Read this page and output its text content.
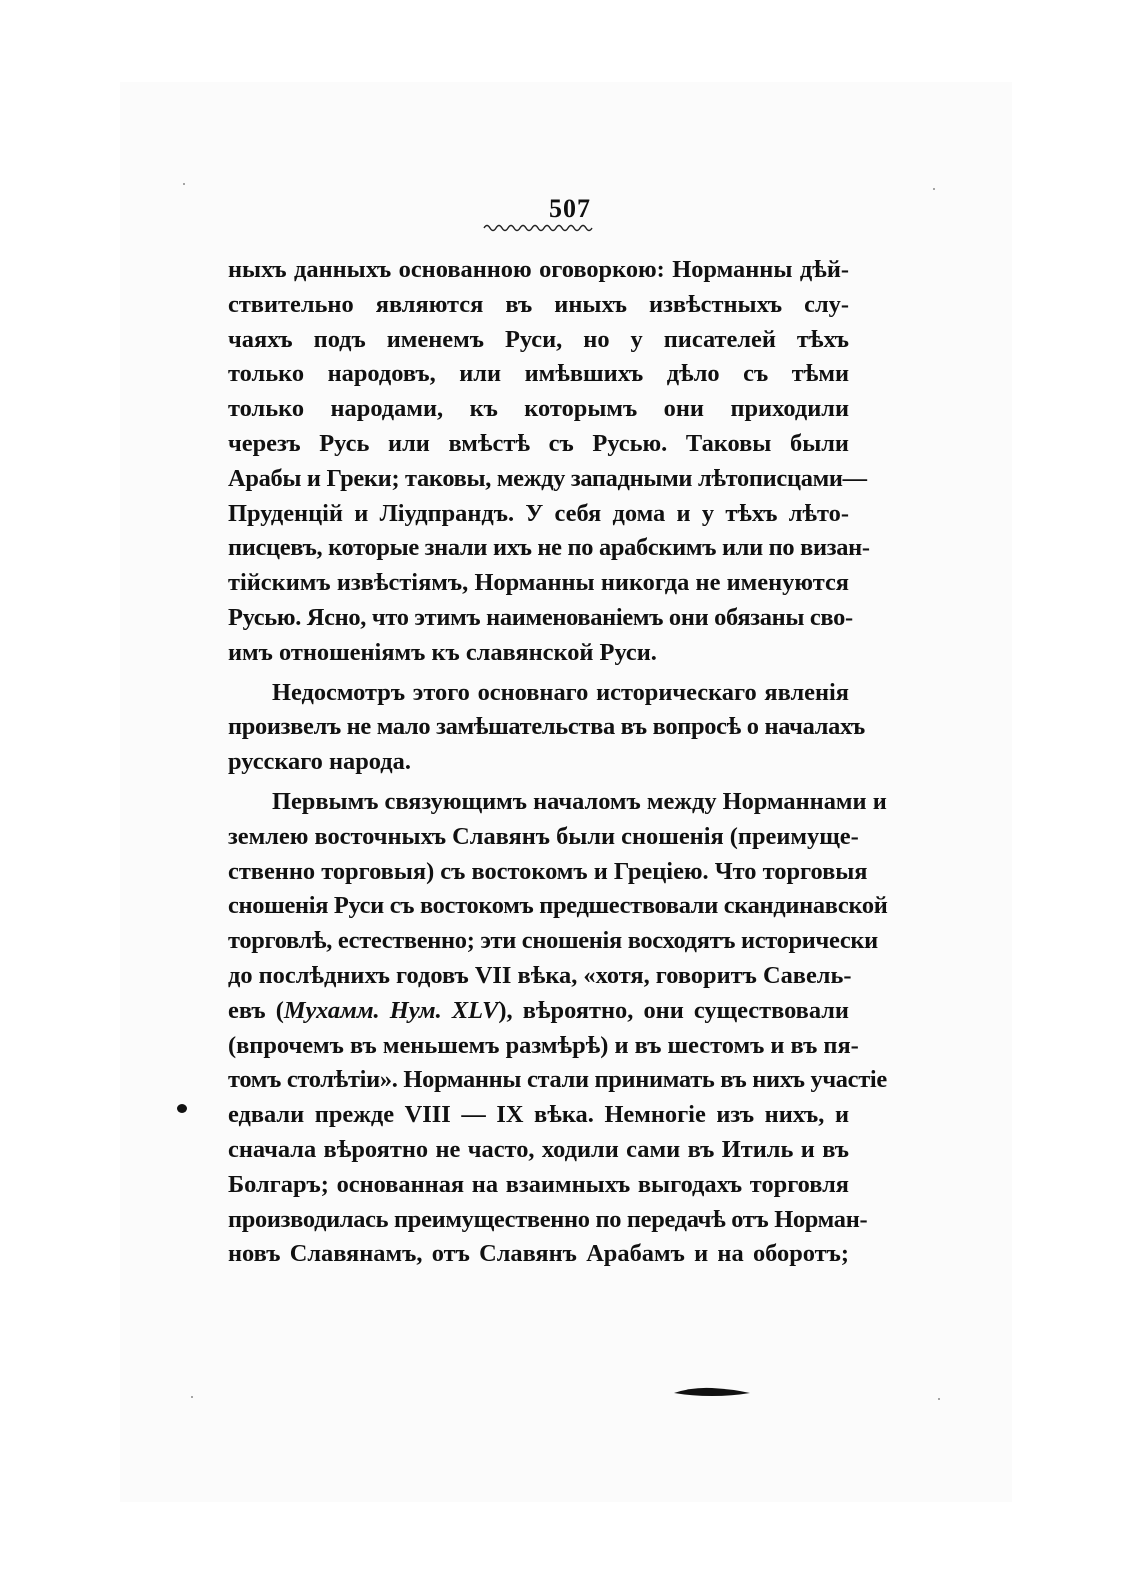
507
ныхъ данныхъ основанною оговоркою: Норманны дѣй-
ствительно являются въ иныхъ извѣстныхъ слу-
чаяхъ подъ именемъ Руси, но у писателей тѣхъ
только народовъ, или имѣвшихъ дѣло съ тѣми
только народами, къ которымъ они приходили
черезъ Русь или вмѣстѣ съ Русью. Таковы были
Арабы и Греки; таковы, между западными лѣтописцами—
Пруденцій и Ліудпрандъ. У себя дома и у тѣхъ лѣто-
писцевъ, которые знали ихъ не по арабскимъ или по визан-
тійскимъ извѣстіямъ, Норманны никогда не именуются
Русью. Ясно, что этимъ наименованіемъ они обязаны сво-
имъ отношеніямъ къ славянской Руси.
Недосмотръ этого основнаго историческаго явленія
произвелъ не мало замѣшательства въ вопросѣ о началахъ
русскаго народа.
Первымъ связующимъ началомъ между Норманнами и
землею восточныхъ Славянъ были сношенія (преимуще-
ственно торговыя) съ востокомъ и Греціею. Что торговыя
сношенія Руси съ востокомъ предшествовали скандинавской
торговлѣ, естественно; эти сношенія восходятъ исторически
до послѣднихъ годовъ VII вѣка, «хотя, говоритъ Савель-
евъ (Мухамм. Нум. XLV), вѣроятно, они существовали
(впрочемъ въ меньшемъ размѣрѣ) и въ шестомъ и въ пя-
томъ столѣтіи». Норманны стали принимать въ нихъ участіе
едвали прежде VIII — IX вѣка. Немногіе изъ нихъ, и
сначала вѣроятно не часто, ходили сами въ Итиль и въ
Болгаръ; основанная на взаимныхъ выгодахъ торговля
производилась преимущественно по передачѣ отъ Норман-
новъ Славянамъ, отъ Славянъ Арабамъ и на оборотъ;
